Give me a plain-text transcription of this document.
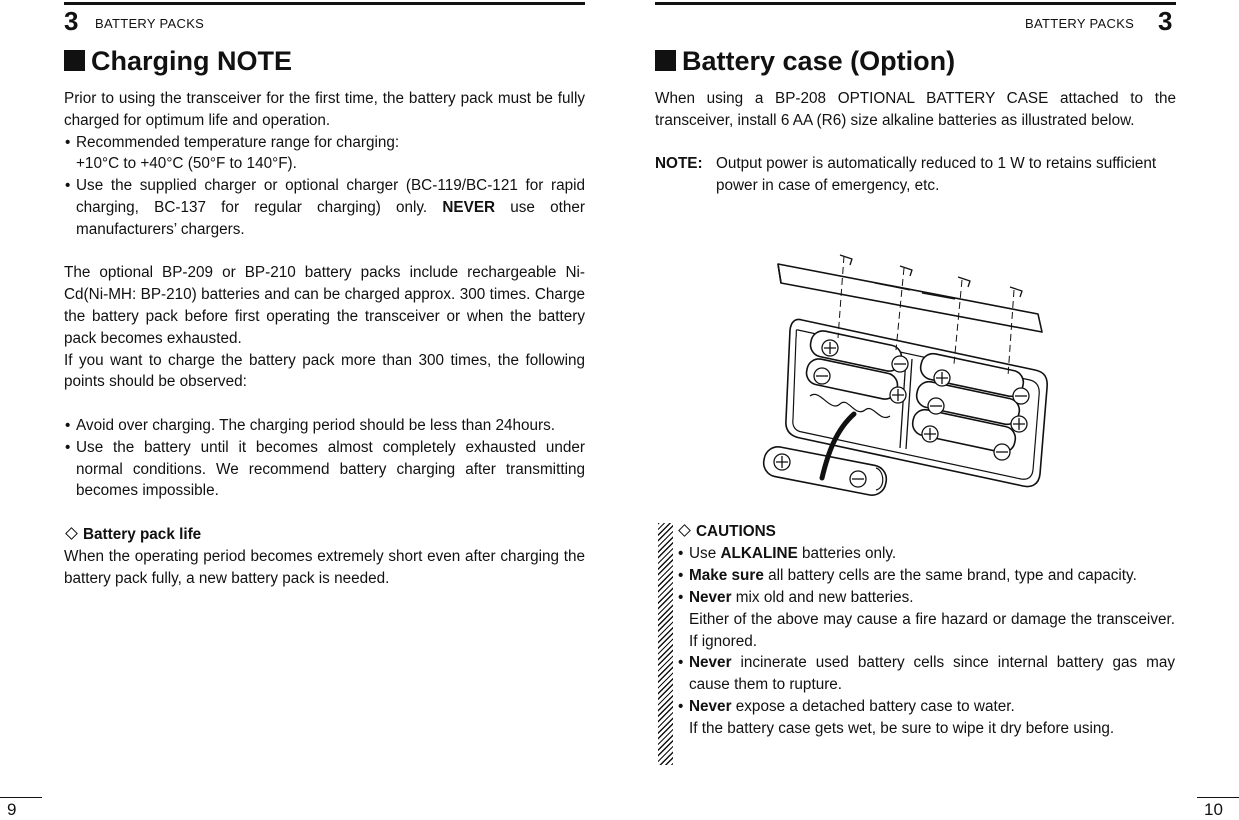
3 BATTERY PACKS
Charging NOTE

Prior to using the transceiver for the first time, the battery pack must be fully charged for optimum life and operation.

• Recommended temperature range for charging:
+10°C to +40°C (50°F to 140°F).
• Use the supplied charger or optional charger (BC-119/BC-121 for rapid charging, BC-137 for regular charging) only. NEVER use other manufacturers’ chargers.

The optional BP-209 or BP-210 battery packs include rechargeable Ni-Cd(Ni-MH: BP-210) batteries and can be charged approx. 300 times. Charge the battery pack before first operating the transceiver or when the battery pack becomes exhausted.

If you want to charge the battery pack more than 300 times, the following points should be observed:

• Avoid over charging. The charging period should be less than 24hours.
• Use the battery until it becomes almost completely exhausted under normal conditions. We recommend battery charging after transmitting becomes impossible.
Battery pack life

When the operating period becomes extremely short even after charging the battery pack fully, a new battery pack is needed.

9
BATTERY PACKS 3
Battery case (Option)

When using a BP-208 OPTIONAL BATTERY CASE attached to the transceiver, install 6 AA (R6) size alkaline batteries as illustrated below.

NOTE: Output power is automatically reduced to 1 W to retains sufficient power in case of emergency, etc.
CAUTIONS
• Use ALKALINE batteries only.
• Make sure all battery cells are the same brand, type and capacity.
• Never mix old and new batteries.
Either of the above may cause a fire hazard or damage the transceiver. If ignored.
• Never incinerate used battery cells since internal battery gas may cause them to rupture.
• Never expose a detached battery case to water.
If the battery case gets wet, be sure to wipe it dry before using.
10
